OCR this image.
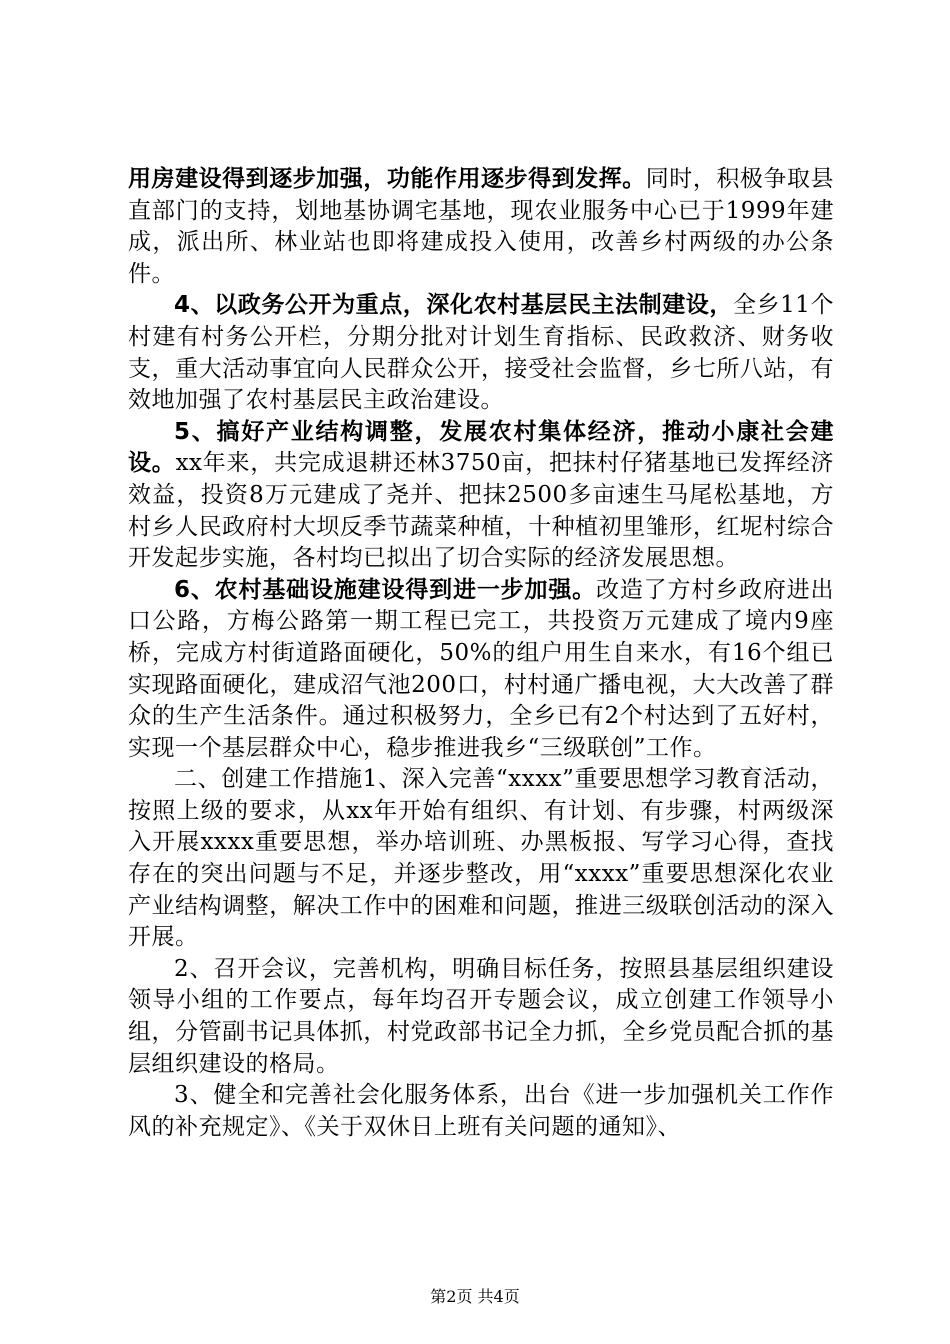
用房建设得到逐步加强，功能作用逐步得到发挥。同时，积极争取县直部门的支持，划地基协调宅基地，现农业服务中心已于1999年建成，派出所、林业站也即将建成投入使用，改善乡村两级的办公条件。

4、以政务公开为重点，深化农村基层民主法制建设，全乡11个村建有村务公开栏，分期分批对计划生育指标、民政救济、财务收支，重大活动事宜向人民群众公开，接受社会监督，乡七所八站，有效地加强了农村基层民主政治建设。

5、搞好产业结构调整，发展农村集体经济，推动小康社会建设。xx年来，共完成退耕还林3750亩，把抹村仔猪基地已发挥经济效益，投资8万元建成了尧并、把抹2500多亩速生马尾松基地，方村乡人民政府村大坝反季节蔬菜种植，十种植初里雏形，红坭村综合开发起步实施，各村均已拟出了切合实际的经济发展思想。

6、农村基础设施建设得到进一步加强。改造了方村乡政府进出口公路，方梅公路第一期工程已完工，共投资万元建成了境内9座桥，完成方村街道路面硬化，50%的组户用生自来水，有16个组已实现路面硬化，建成沼气池200口，村村通广播电视，大大改善了群众的生产生活条件。通过积极努力，全乡已有2个村达到了五好村，实现一个基层群众中心，稳步推进我乡“三级联创”工作。

二、创建工作措施1、深入完善“xxxx”重要思想学习教育活动，按照上级的要求，从xx年开始有组织、有计划、有步骤，村两级深入开展xxxx重要思想，举办培训班、办黑板报、写学习心得，查找存在的突出问题与不足，并逐步整改，用“xxxx”重要思想深化农业产业结构调整，解决工作中的困难和问题，推进三级联创活动的深入开展。

2、召开会议，完善机构，明确目标任务，按照县基层组织建设领导小组的工作要点，每年均召开专题会议，成立创建工作领导小组，分管副书记具体抓，村党政部书记全力抓，全乡党员配合抓的基层组织建设的格局。

3、健全和完善社会化服务体系，出台《进一步加强机关工作作风的补充规定》、《关于双休日上班有关问题的通知》、

第2页 共4页
